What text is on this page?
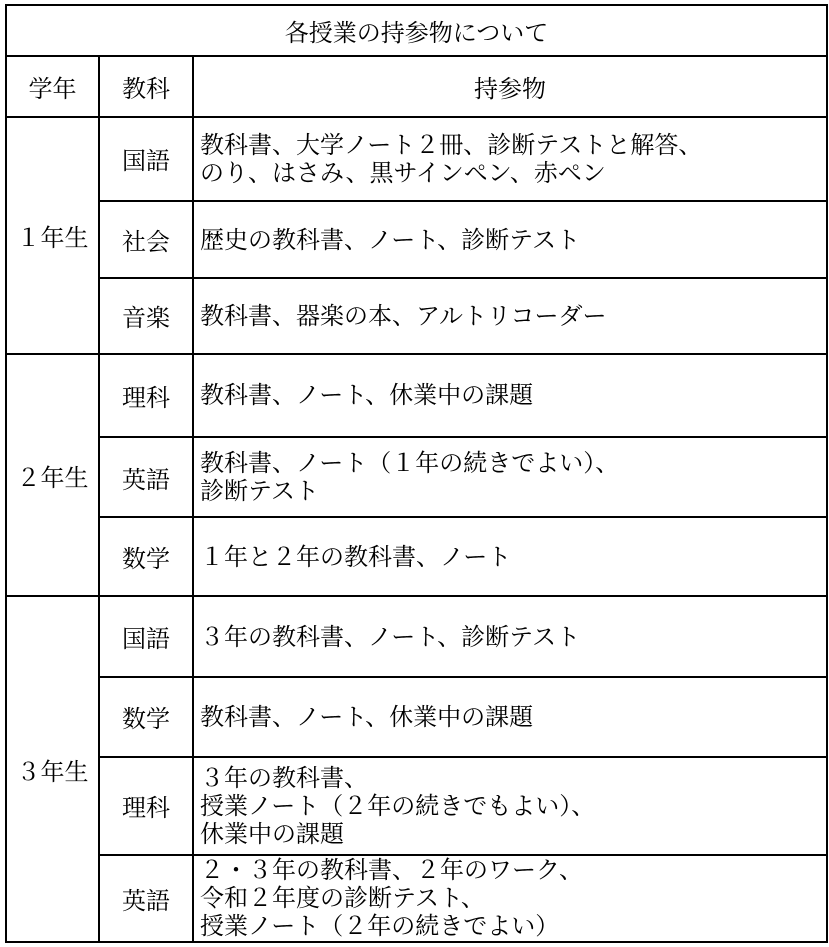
各授業の持参物について		
学年	教科	持参物
１年生	国語	教科書、大学ノート２冊、診断テストと解答、
のり、はさみ、黒サインペン、赤ペン

	社会	歴史の教科書、ノート、診断テスト

	音楽	教科書、器楽の本、アルトリコーダー

２年生	理科	教科書、ノート、休業中の課題

	英語	教科書、ノート（１年の続きでよい）、
診断テスト

	数学	１年と２年の教科書、ノート

３年生	国語	３年の教科書、ノート、診断テスト

	数学	教科書、ノート、休業中の課題

	理科	３年の教科書、
授業ノート（２年の続きでもよい）、
休業中の課題

	英語	２・３年の教科書、２年のワーク、
令和２年度の診断テスト、
授業ノート（２年の続きでよい）
